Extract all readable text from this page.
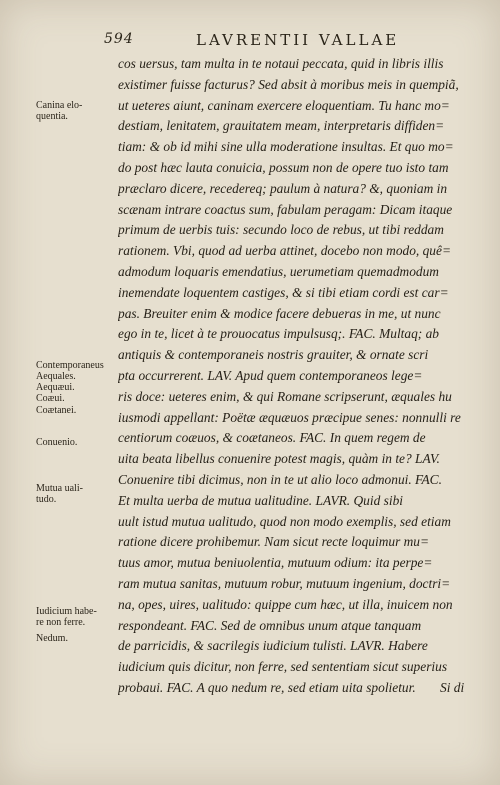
594	LAVRENTII VALLAE
cos uersus, tam multa in te notaui peccata, quid in libris illis
existimer fuisse facturus? Sed absit à moribus meis in quempiã,
ut ueteres aiunt, caninam exercere eloquentiam. Tu hanc mo=
destiam, lenitatem, grauitatem meam, interpretaris diffiden=
tiam: & ob id mihi sine ulla moderatione insultas. Et quo mo=
do post hæc lauta conuicia, possum non de opere tuo isto tam
præclaro dicere, recedereq; paulum à natura? &, quoniam in
scænam intrare coactus sum, fabulam peragam: Dicam itaque
primum de uerbis tuis: secundo loco de rebus, ut tibi reddam
rationem. Vbi, quod ad uerba attinet, docebo non modo, quê=
admodum loquaris emendatius, uerumetiam quemadmodum
inemendate loquentem castiges, & si tibi etiam cordi est car=
pas. Breuiter enim & modice facere debueras in me, ut nunc
ego in te, licet à te prouocatus impulsusq;. FAC. Multaq; ab
antiquis & contemporaneis nostris grauiter, & ornate scri
pta occurrerent. LAV. Apud quem contemporaneos lege=
ris doce: ueteres enim, & qui Romane scripserunt, æquales hu
iusmodi appellant: Poëtæ æquæuos præcipue senes: nonnulli re
centiorum coæuos, & coætaneos. FAC. In quem regem de
uita beata libellus conuenire potest magis, quàm in te? LAV.
Conuenire tibi dicimus, non in te ut alio loco admonui. FAC.
Et multa uerba de mutua ualitudine. LAVR. Quid sibi
uult istud mutua ualitudo, quod non modo exemplis, sed etiam
ratione dicere prohibemur. Nam sicut recte loquimur mu=
tuus amor, mutua beniuolentia, mutuum odium: ita perpe=
ram mutua sanitas, mutuum robur, mutuum ingenium, doctri=
na, opes, uires, ualitudo: quippe cum hæc, ut illa, inuicem non
respondeant. FAC. Sed de omnibus unum atque tanquam
de parricidis, & sacrilegis iudicium tulisti. LAVR. Habere
iudicium quis dicitur, non ferre, sed sententiam sicut superius
probaui. FAC. A quo nedum re, sed etiam uita spolietur.	Si di
Canina elo-
quentia.
Contemporaneus
Aequales.
Aequæui.
Coæui.
Coætanei.
Conuenio.
Mutua uali-
tudo.
Iudicium habe-
re non ferre.
Nedum.
